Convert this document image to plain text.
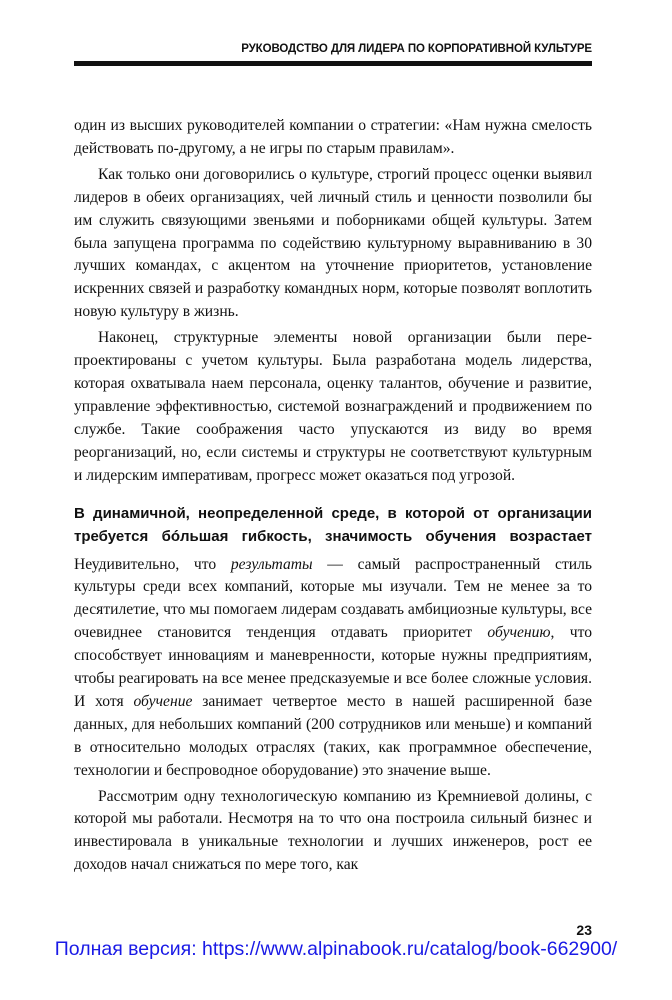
РУКОВОДСТВО ДЛЯ ЛИДЕРА ПО КОРПОРАТИВНОЙ КУЛЬТУРЕ

один из высших руководителей компании о стратегии: «Нам нужна смелость действовать по-другому, а не игры по старым правилам».

Как только они договорились о культуре, строгий процесс оценки выявил лидеров в обеих организациях, чей личный стиль и ценности позволили бы им служить связующими звеньями и поборниками общей культуры. Затем была запущена программа по содействию культурному выравниванию в 30 лучших командах, с акцентом на уточнение приоритетов, установление искренних связей и разработку командных норм, которые позволят воплотить новую культуру в жизнь.

Наконец, структурные элементы новой организации были перепроектированы с учетом культуры. Была разработана модель лидерства, которая охватывала наем персонала, оценку талантов, обучение и развитие, управление эффективностью, системой вознаграждений и продвижением по службе. Такие соображения часто упускаются из виду во время реорганизаций, но, если системы и структуры не соответствуют культурным и лидерским императивам, прогресс может оказаться под угрозой.

В динамичной, неопределенной среде, в которой от организации
требуется бóльшая гибкость, значимость обучения возрастает

Неудивительно, что результаты — самый распространенный стиль культуры среди всех компаний, которые мы изучали. Тем не менее за то десятилетие, что мы помогаем лидерам создавать амбициозные культуры, все очевиднее становится тенденция отдавать приоритет обучению, что способствует инновациям и маневренности, которые нужны предприятиям, чтобы реагировать на все менее предсказуемые и все более сложные условия. И хотя обучение занимает четвертое место в нашей расширенной базе данных, для небольших компаний (200 сотрудников или меньше) и компаний в относительно молодых отраслях (таких, как программное обеспечение, технологии и беспроводное оборудование) это значение выше.

Рассмотрим одну технологическую компанию из Кремниевой долины, с которой мы работали. Несмотря на то что она построила сильный бизнес и инвестировала в уникальные технологии и лучших инженеров, рост ее доходов начал снижаться по мере того, как

23
Полная версия: https://www.alpinabook.ru/catalog/book-662900/
